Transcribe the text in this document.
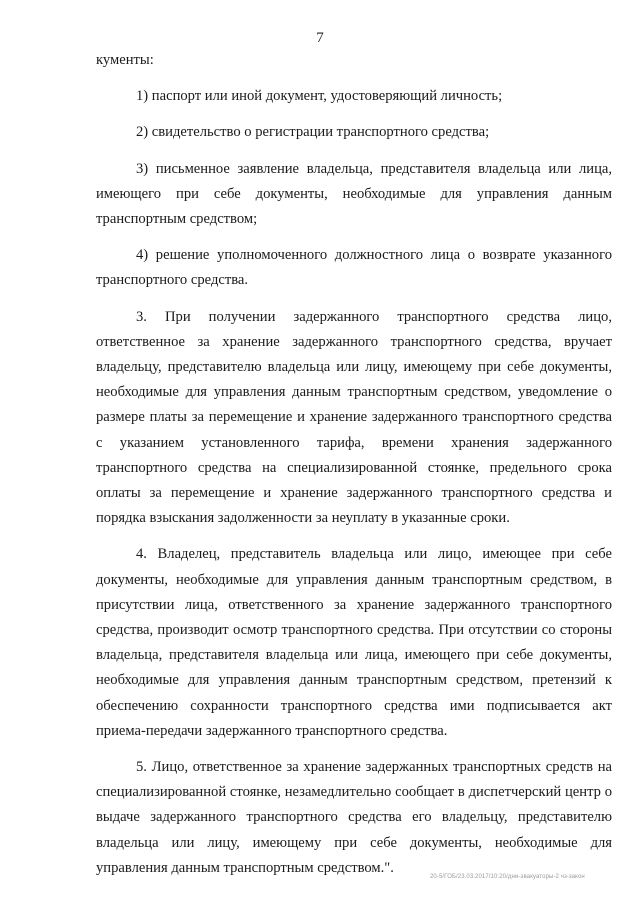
7

кументы:

1) паспорт или иной документ, удостоверяющий личность;

2) свидетельство о регистрации транспортного средства;

3) письменное заявление владельца, представителя владельца или лица, имеющего при себе документы, необходимые для управления данным транспортным средством;

4) решение уполномоченного должностного лица о возврате указанного транспортного средства.

3. При получении задержанного транспортного средства лицо, ответственное за хранение задержанного транспортного средства, вручает владельцу, представителю владельца или лицу, имеющему при себе документы, необходимые для управления данным транспортным средством, уведомление о размере платы за перемещение и хранение задержанного транспортного средства с указанием установленного тарифа, времени хранения задержанного транспортного средства на специализированной стоянке, предельного срока оплаты за перемещение и хранение задержанного транспортного средства и порядка взыскания задолженности за неуплату в указанные сроки.

4. Владелец, представитель владельца или лицо, имеющее при себе документы, необходимые для управления данным транспортным средством, в присутствии лица, ответственного за хранение задержанного транспортного средства, производит осмотр транспортного средства. При отсутствии со стороны владельца, представителя владельца или лица, имеющего при себе документы, необходимые для управления данным транспортным средством, претензий к обеспечению сохранности транспортного средства ими подписывается акт приема-передачи задержанного транспортного средства.

5. Лицо, ответственное за хранение задержанных транспортных средств на специализированной стоянке, незамедлительно сообщает в диспетчерский центр о выдаче задержанного транспортного средства его владельцу, представителю владельца или лицу, имеющему при себе документы, необходимые для управления данным транспортным средством.".

20-5/ГОБ/23.03.2017/10:20/дни-эвакуаторы-2 чз-закон
